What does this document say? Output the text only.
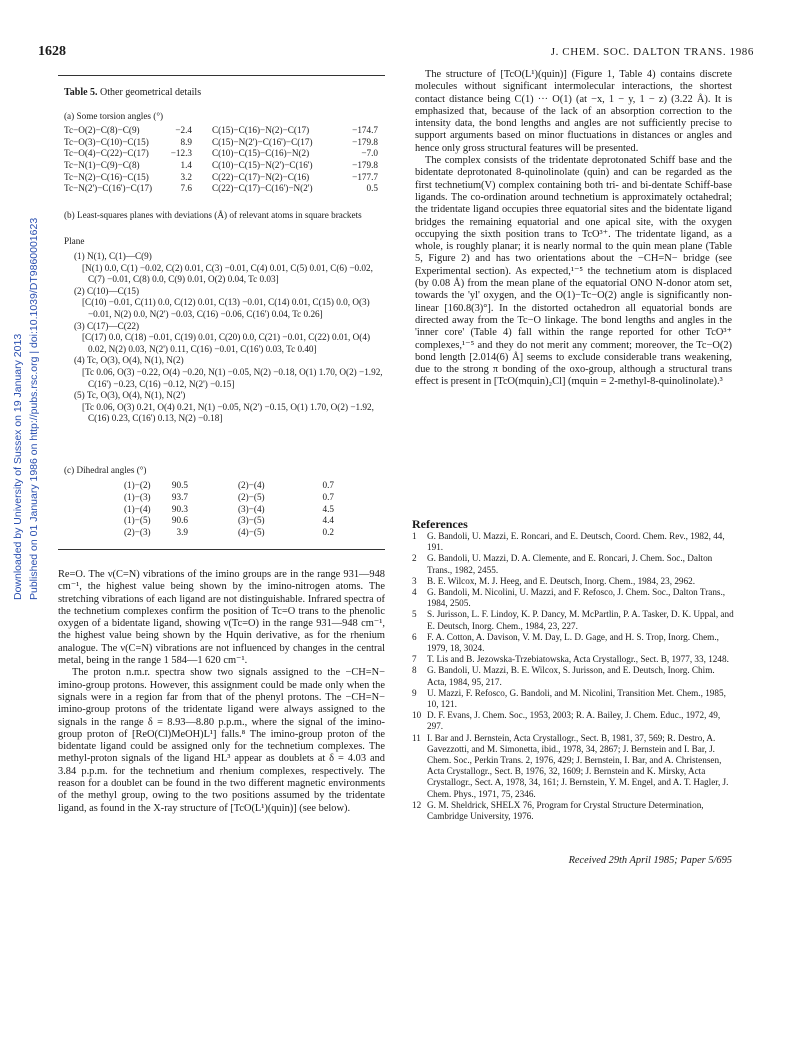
Downloaded by University of Sussex on 19 January 2013 Published on 01 January 1986 on http://pubs.rsc.org | doi:10.1039/DT9860001623
1628	J. CHEM. SOC. DALTON TRANS. 1986
Table 5. Other geometrical details
(a) Some torsion angles (°)
Tc−O(2)−C(8)−C(9)	−2.4	C(15)−C(16)−N(2)−C(17)	−174.7
Tc−O(3)−C(10)−C(15)	8.9	C(15)−N(2')−C(16')−C(17)	−179.8
Tc−O(4)−C(22)−C(17)	−12.3	C(10)−C(15)−C(16)−N(2)	−7.0
Tc−N(1)−C(9)−C(8)	1.4	C(10)−C(15)−N(2')−C(16')	−179.8
Tc−N(2)−C(16)−C(15)	3.2	C(22)−C(17)−N(2)−C(16)	−177.7
Tc−N(2')−C(16')−C(17)	7.6	C(22)−C(17)−C(16')−N(2')	0.5
(b) Least-squares planes with deviations (Å) of relevant atoms in square brackets
Plane
(1) N(1), C(1)—C(9)
[N(1) 0.0, C(1) −0.02, C(2) 0.01, C(3) −0.01, C(4) 0.01, C(5) 0.01, C(6) −0.02, C(7) −0.01, C(8) 0.0, C(9) 0.01, O(2) 0.04, Tc 0.03]
(2) C(10)—C(15)
[C(10) −0.01, C(11) 0.0, C(12) 0.01, C(13) −0.01, C(14) 0.01, C(15) 0.0, O(3) −0.01, N(2) 0.0, N(2') −0.03, C(16) −0.06, C(16') 0.04, Tc 0.26]
(3) C(17)—C(22)
[C(17) 0.0, C(18) −0.01, C(19) 0.01, C(20) 0.0, C(21) −0.01, C(22) 0.01, O(4) 0.02, N(2) 0.03, N(2') 0.11, C(16) −0.01, C(16') 0.03, Tc 0.40]
(4) Tc, O(3), O(4), N(1), N(2)
[Tc 0.06, O(3) −0.22, O(4) −0.20, N(1) −0.05, N(2) −0.18, O(1) 1.70, O(2) −1.92, C(16') −0.23, C(16) −0.12, N(2') −0.15]
(5) Tc, O(3), O(4), N(1), N(2')
[Tc 0.06, O(3) 0.21, O(4) 0.21, N(1) −0.05, N(2') −0.15, O(1) 1.70, O(2) −1.92, C(16) 0.23, C(16') 0.13, N(2) −0.18]
(c) Dihedral angles (°)
(1)−(2)	90.5	(2)−(4)	0.7
(1)−(3)	93.7	(2)−(5)	0.7
(1)−(4)	90.3	(3)−(4)	4.5
(1)−(5)	90.6	(3)−(5)	4.4
(2)−(3)	3.9	(4)−(5)	0.2

Re=O. The ν(C=N) vibrations of the imino groups are in the range 931—948 cm⁻¹, the highest value being shown by the imino-nitrogen atoms. The stretching vibrations of each ligand are not distinguishable. Infrared spectra of the technetium complexes confirm the position of Tc=O trans to the phenolic oxygen of a bidentate ligand, showing ν(Tc=O) in the range 931—948 cm⁻¹, the highest value being shown by the Hquin derivative, as for the rhenium analogue. The ν(C=N) vibrations are not influenced by changes in the central metal, being in the range 1 584—1 620 cm⁻¹.

The proton n.m.r. spectra show two signals assigned to the −CH=N− imino-group protons. However, this assignment could be made only when the signals were in a region far from that of the phenyl protons. The −CH=N− imino-group protons of the tridentate ligand were always assigned to the signals in the range δ = 8.93—8.80 p.p.m., where the signal of the imino-group proton of [ReO(Cl)MeOH)L¹] falls.⁸ The imino-group proton of the bidentate ligand could be assigned only for the technetium complexes. The methyl-proton signals of the ligand HL³ appear as doublets at δ = 4.03 and 3.84 p.p.m. for the technetium and rhenium complexes, respectively. The reason for a doublet can be found in the two different magnetic environments of the methyl group, owing to the two positions assumed by the tridentate ligand, as found in the X-ray structure of [TcO(L¹)(quin)] (see below).

The structure of [TcO(L¹)(quin)] (Figure 1, Table 4) contains discrete molecules without significant intermolecular interactions, the shortest contact distance being C(1) ··· O(1) (at −x, 1 − y, 1 − z) (3.22 Å). It is emphasized that, because of the lack of an absorption correction to the intensity data, the bond lengths and angles are not sufficiently precise to support arguments based on minor fluctuations in distances or angles and hence only gross structural features will be presented.

The complex consists of the tridentate deprotonated Schiff base and the bidentate deprotonated 8-quinolinolate (quin) and can be regarded as the first technetium(V) complex containing both tri- and bi-dentate Schiff-base ligands. The co-ordination around technetium is approximately octahedral; the tridentate ligand occupies three equatorial sites and the bidentate ligand bridges the remaining equatorial and one apical site, with the oxygen occupying the sixth position trans to TcO³⁺. The tridentate ligand, as a whole, is roughly planar; it is nearly normal to the quin mean plane (Table 5, Figure 2) and has two orientations about the −CH=N− bridge (see Experimental section). As expected,¹⁻⁵ the technetium atom is displaced (by 0.08 Å) from the mean plane of the equatorial ONO N-donor atom set, towards the 'yl' oxygen, and the O(1)−Tc−O(2) angle is significantly non-linear [160.8(3)°]. In the distorted octahedron all equatorial bonds are directed away from the Tc−O linkage. The bond lengths and angles in the 'inner core' (Table 4) fall within the range reported for other TcO³⁺ complexes,¹⁻⁵ and they do not merit any comment; moreover, the Tc−O(2) bond length [2.014(6) Å] seems to exclude considerable trans weakening, due to the strong π bonding of the oxo-group, although a structural trans effect is present in [TcO(mquin)₂Cl] (mquin = 2-methyl-8-quinolinolate).³

References
1	G. Bandoli, U. Mazzi, E. Roncari, and E. Deutsch, Coord. Chem. Rev., 1982, 44, 191.
2	G. Bandoli, U. Mazzi, D. A. Clemente, and E. Roncari, J. Chem. Soc., Dalton Trans., 1982, 2455.
3	B. E. Wilcox, M. J. Heeg, and E. Deutsch, Inorg. Chem., 1984, 23, 2962.
4	G. Bandoli, M. Nicolini, U. Mazzi, and F. Refosco, J. Chem. Soc., Dalton Trans., 1984, 2505.
5	S. Jurisson, L. F. Lindoy, K. P. Dancy, M. McPartlin, P. A. Tasker, D. K. Uppal, and E. Deutsch, Inorg. Chem., 1984, 23, 227.
6	F. A. Cotton, A. Davison, V. M. Day, L. D. Gage, and H. S. Trop, Inorg. Chem., 1979, 18, 3024.
7	T. Lis and B. Jezowska-Trzebiatowska, Acta Crystallogr., Sect. B, 1977, 33, 1248.
8	G. Bandoli, U. Mazzi, B. E. Wilcox, S. Jurisson, and E. Deutsch, Inorg. Chim. Acta, 1984, 95, 217.
9	U. Mazzi, F. Refosco, G. Bandoli, and M. Nicolini, Transition Met. Chem., 1985, 10, 121.
10 D. F. Evans, J. Chem. Soc., 1953, 2003; R. A. Bailey, J. Chem. Educ., 1972, 49, 297.
11 I. Bar and J. Bernstein, Acta Crystallogr., Sect. B, 1981, 37, 569; R. Destro, A. Gavezzotti, and M. Simonetta, ibid., 1978, 34, 2867; J. Bernstein and I. Bar, J. Chem. Soc., Perkin Trans. 2, 1976, 429; J. Bernstein, I. Bar, and A. Christensen, Acta Crystallogr., Sect. B, 1976, 32, 1609; J. Bernstein and K. Mirsky, Acta Crystallogr., Sect. A, 1978, 34, 161; J. Bernstein, Y. M. Engel, and A. T. Hagler, J. Chem. Phys., 1971, 75, 2346.
12 G. M. Sheldrick, SHELX 76, Program for Crystal Structure Determination, Cambridge University, 1976.
Received 29th April 1985; Paper 5/695
